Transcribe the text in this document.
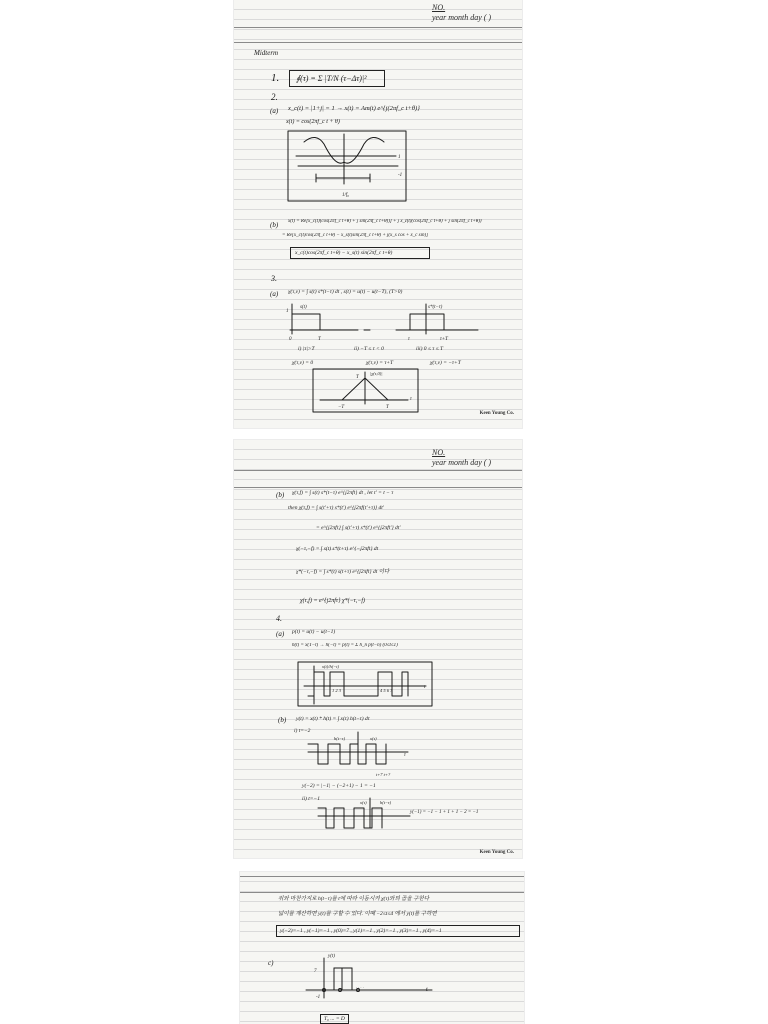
NO.
year month day ( )
Midterm
1.	∮(τ) = Σ |T/N (τ−Δτ)|²
2.
(a) x_c(t) = |1+j| = 1 → x(t) = Am(t) e^{j(2πf_c t+θ)}
x(t) = cos(2πf_c t + θ)
1
-1
1/f₀
(b) x(t) = Re[x_c(t)(cos(2πf_c t+θ) + j sin(2πf_c t+θ))] + j x_I(t)(cos(2πf_c t+θ) + j sin(2πf_c t+θ))
= Re[x_c(t)cos(2πf_c t+θ) − x_s(t)sin(2πf_c t+θ) + j(x_s cos + x_c sin)]
x_c(t)cos(2πf_c t+θ) − x_s(t) sin(2πf_c t+θ)
3.
(a) χ(τ,v) = ∫ s(t) s*(t−τ) dt , s(t) = u(t) − u(t−T), (T>0)
1
s(t)
0	T
s*(t−τ)
τ	τ+T
i) |τ|>T	ii) −T ≤ τ < 0	iii) 0 ≤ τ ≤ T
χ(τ,v) = 0	χ(τ,v) = τ+T	χ(τ,v) = −τ+T
T
−T	T
τ
|χ(τ,0)|
Keen Young Co.
NO.
year month day ( )
(b) χ(τ,f) = ∫ s(t) s*(t−τ) e^{j2πft} dt , let t' = t − τ
then χ(τ,f) = ∫ s(t'+τ) s*(t') e^{j2πf(t'+τ)} dt'
= e^{j2πfτ} ∫ s(t'+τ) s*(t') e^{j2πft'} dt'
χ(−τ,−f) = ∫ s(t) s*(t+τ) e^{−j2πft} dt
χ*(−τ,−f) = ∫ s*(t) s(t+τ) e^{j2πft} dt 이다
χ(τ,f) = e^{j2πfτ} χ*(−τ,−f)
4.
(a) p(t) = u(t) − u(t−1)
h(t) = x(T−t) → h(−t) = p(t) = Σ h_n p(t−n) (0≤t≤1)
x(t)/h(−t)
1 2 3	4 5 6 7
t
(b) y(t) = x(t) * h(t) = ∫ x(τ) h(t−τ) dτ
i) t=−2
h(t−τ)	x(τ)
τ
t+7 t+?
y(−2) = |−1| − (−2+1) − 1 = −1
ii) t=−1
x(τ)	h(t−τ)
y(−1) = −1 − 1 + 1 + 1 − 2 = −1
Keen Young Co.
위와 마찬가지로 h(t−τ)를 t에 따라 이동시켜 χ(τ)와의 곱을 구한다
넓이를 계산하면 y(t)를 구할 수 있다. 이때 −2≤t≤4 에서 y(t)를 구하면
y(−2)=−1 , y(−1)=−1 , y(0)=7 , y(1)=−1 , y(2)=−1 , y(3)=−1 , y(4)=−1
c)
-1
. . . .
7
y(t)
t
T₀ ... = D
